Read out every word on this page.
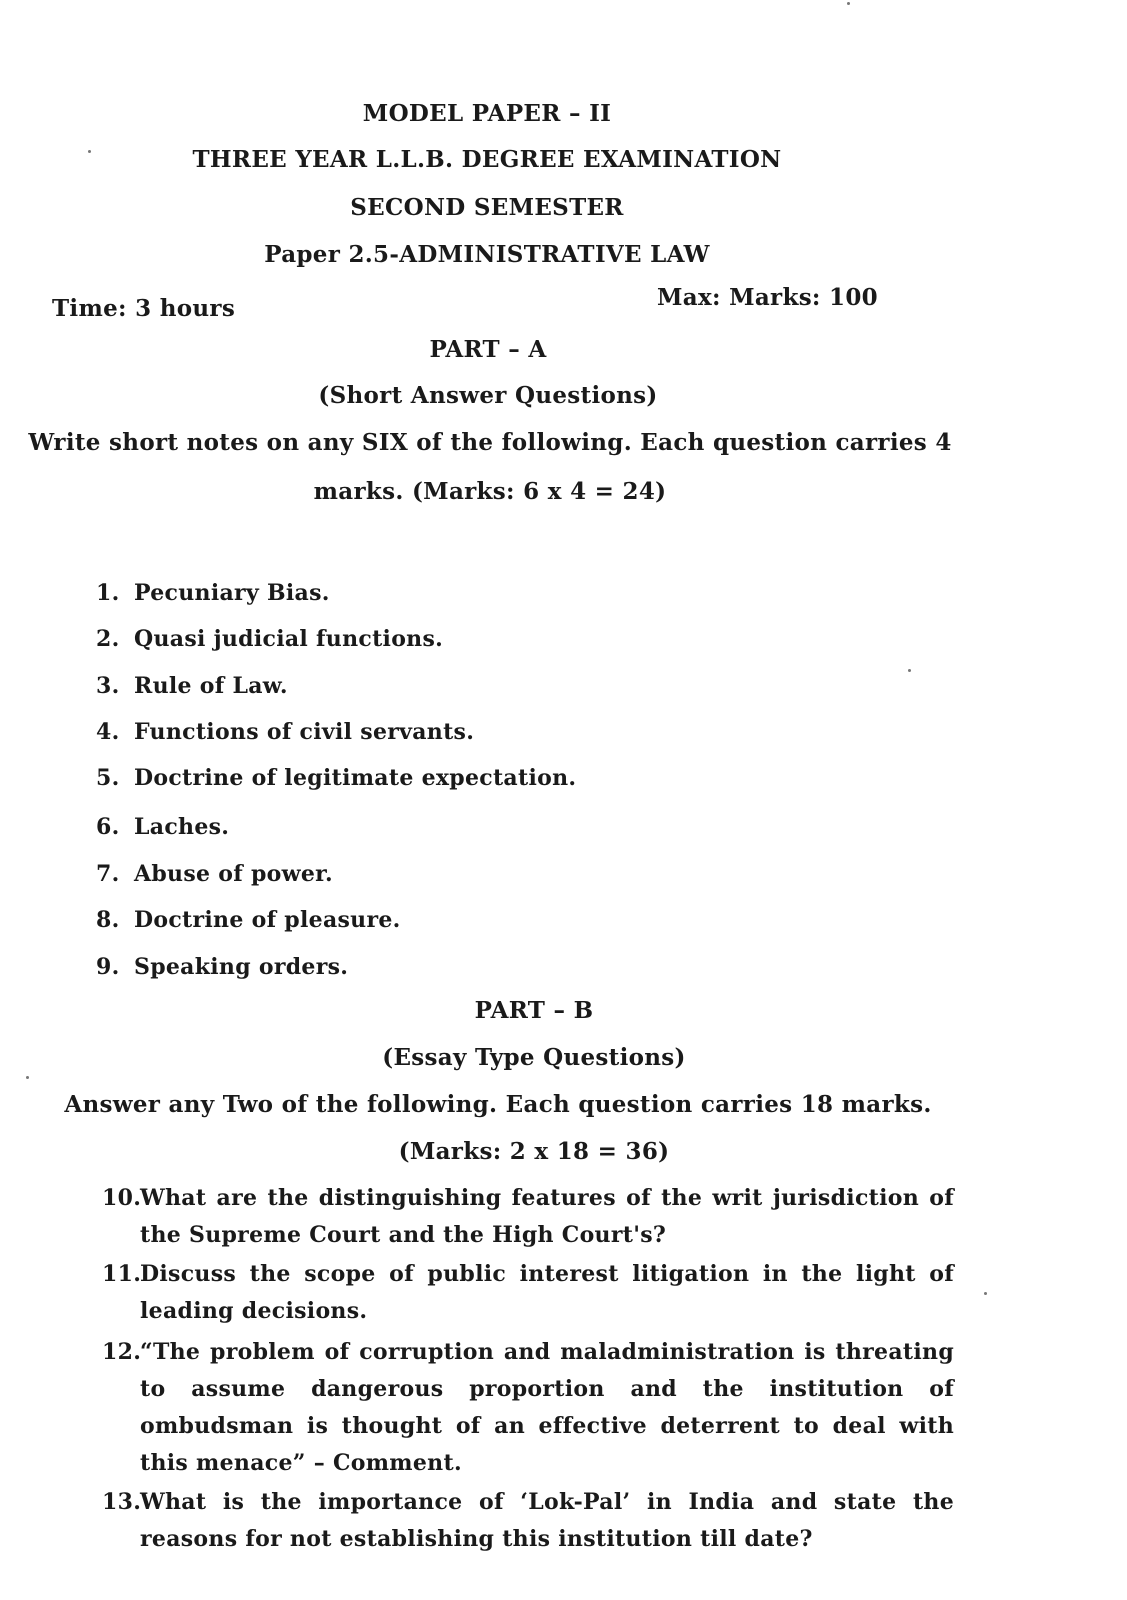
MODEL PAPER – II
THREE YEAR L.L.B. DEGREE EXAMINATION
SECOND SEMESTER
Paper 2.5-ADMINISTRATIVE LAW
Time: 3 hours	Max: Marks: 100
PART – A
(Short Answer Questions)
Write short notes on any SIX of the following. Each question carries 4
marks. (Marks: 6 x 4 = 24)
1. Pecuniary Bias.
2. Quasi judicial functions.
3. Rule of Law.
4. Functions of civil servants.
5. Doctrine of legitimate expectation.
6. Laches.
7. Abuse of power.
8. Doctrine of pleasure.
9. Speaking orders.
PART – B
(Essay Type Questions)
Answer any Two of the following. Each question carries 18 marks.
(Marks: 2 x 18 = 36)
10.
What are the distinguishing features of the writ jurisdiction of the Supreme Court and the High Court's?
11.
Discuss the scope of public interest litigation in the light of leading decisions.
12.
“The problem of corruption and maladministration is threating to assume dangerous proportion and the institution of ombudsman is thought of an effective deterrent to deal with this menace” – Comment.
13.
What is the importance of ‘Lok-Pal’ in India and state the reasons for not establishing this institution till date?
